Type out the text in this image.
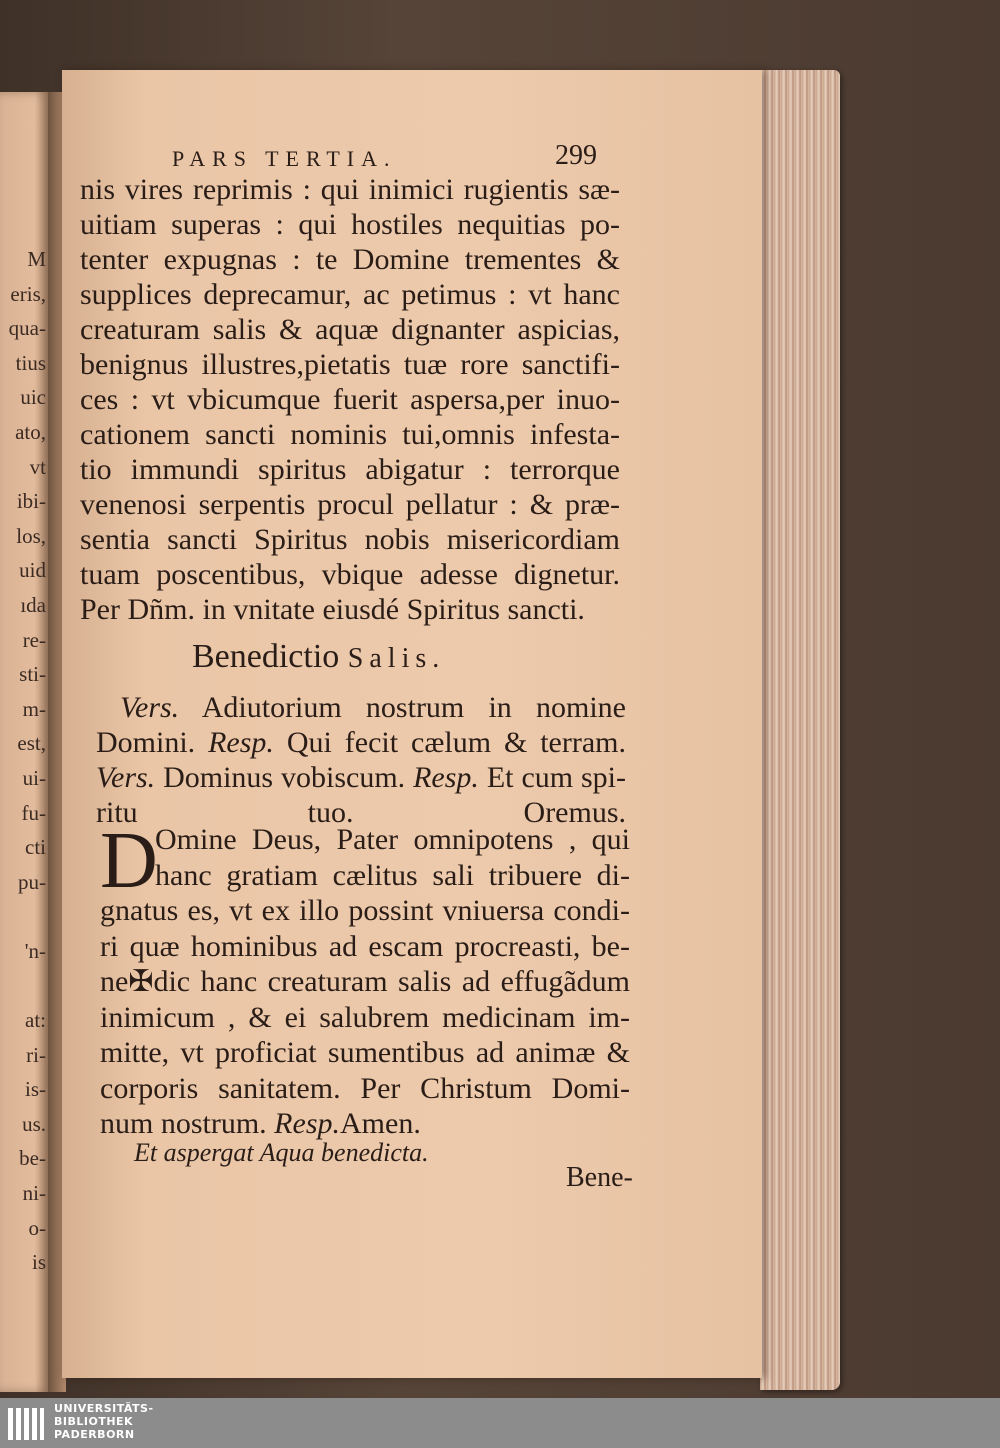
M
eris,
qua-
tius
uic
ato,
vt
ibi-
los,
uid
ıda
re-
sti-
m-
est,
ui-
fu-
cti
pu-
'n-
at:
ri-
is-
us.
be-
ni-
o-
is
PARS TERTIA.	299
nis vires reprimis : qui inimici rugientis sæ-
uitiam superas : qui hostiles nequitias po-
tenter expugnas : te Domine trementes &
supplices deprecamur, ac petimus : vt hanc
creaturam salis & aquæ dignanter aspicias,
benignus illustres,pietatis tuæ rore sanctifi-
ces : vt vbicumque fuerit aspersa,per inuo-
cationem sancti nominis tui,omnis infesta-
tio immundi spiritus abigatur : terrorque
venenosi serpentis procul pellatur : & præ-
sentia sancti Spiritus nobis misericordiam
tuam poscentibus, vbique adesse dignetur.
Per Dñm. in vnitate eiusdé Spiritus sancti.
Benedictio Salis.
Vers. Adiutorium nostrum in nomine
Domini. Resp. Qui fecit cælum & terram.
Vers. Dominus vobiscum. Resp. Et cum spi-
ritu tuo.	Oremus.
D
Omine Deus, Pater omnipotens , qui
hanc gratiam cælitus sali tribuere di-
gnatus es, vt ex illo possint vniuersa condi-
ri quæ hominibus ad escam procreasti, be-
ne✠dic hanc creaturam salis ad effugãdum
inimicum , & ei salubrem medicinam im-
mitte, vt proficiat sumentibus ad animæ &
corporis sanitatem. Per Christum Domi-
num nostrum. Resp.Amen.
Et aspergat Aqua benedicta.
Bene-
UNIVERSITÄTS-
BIBLIOTHEK
PADERBORN
